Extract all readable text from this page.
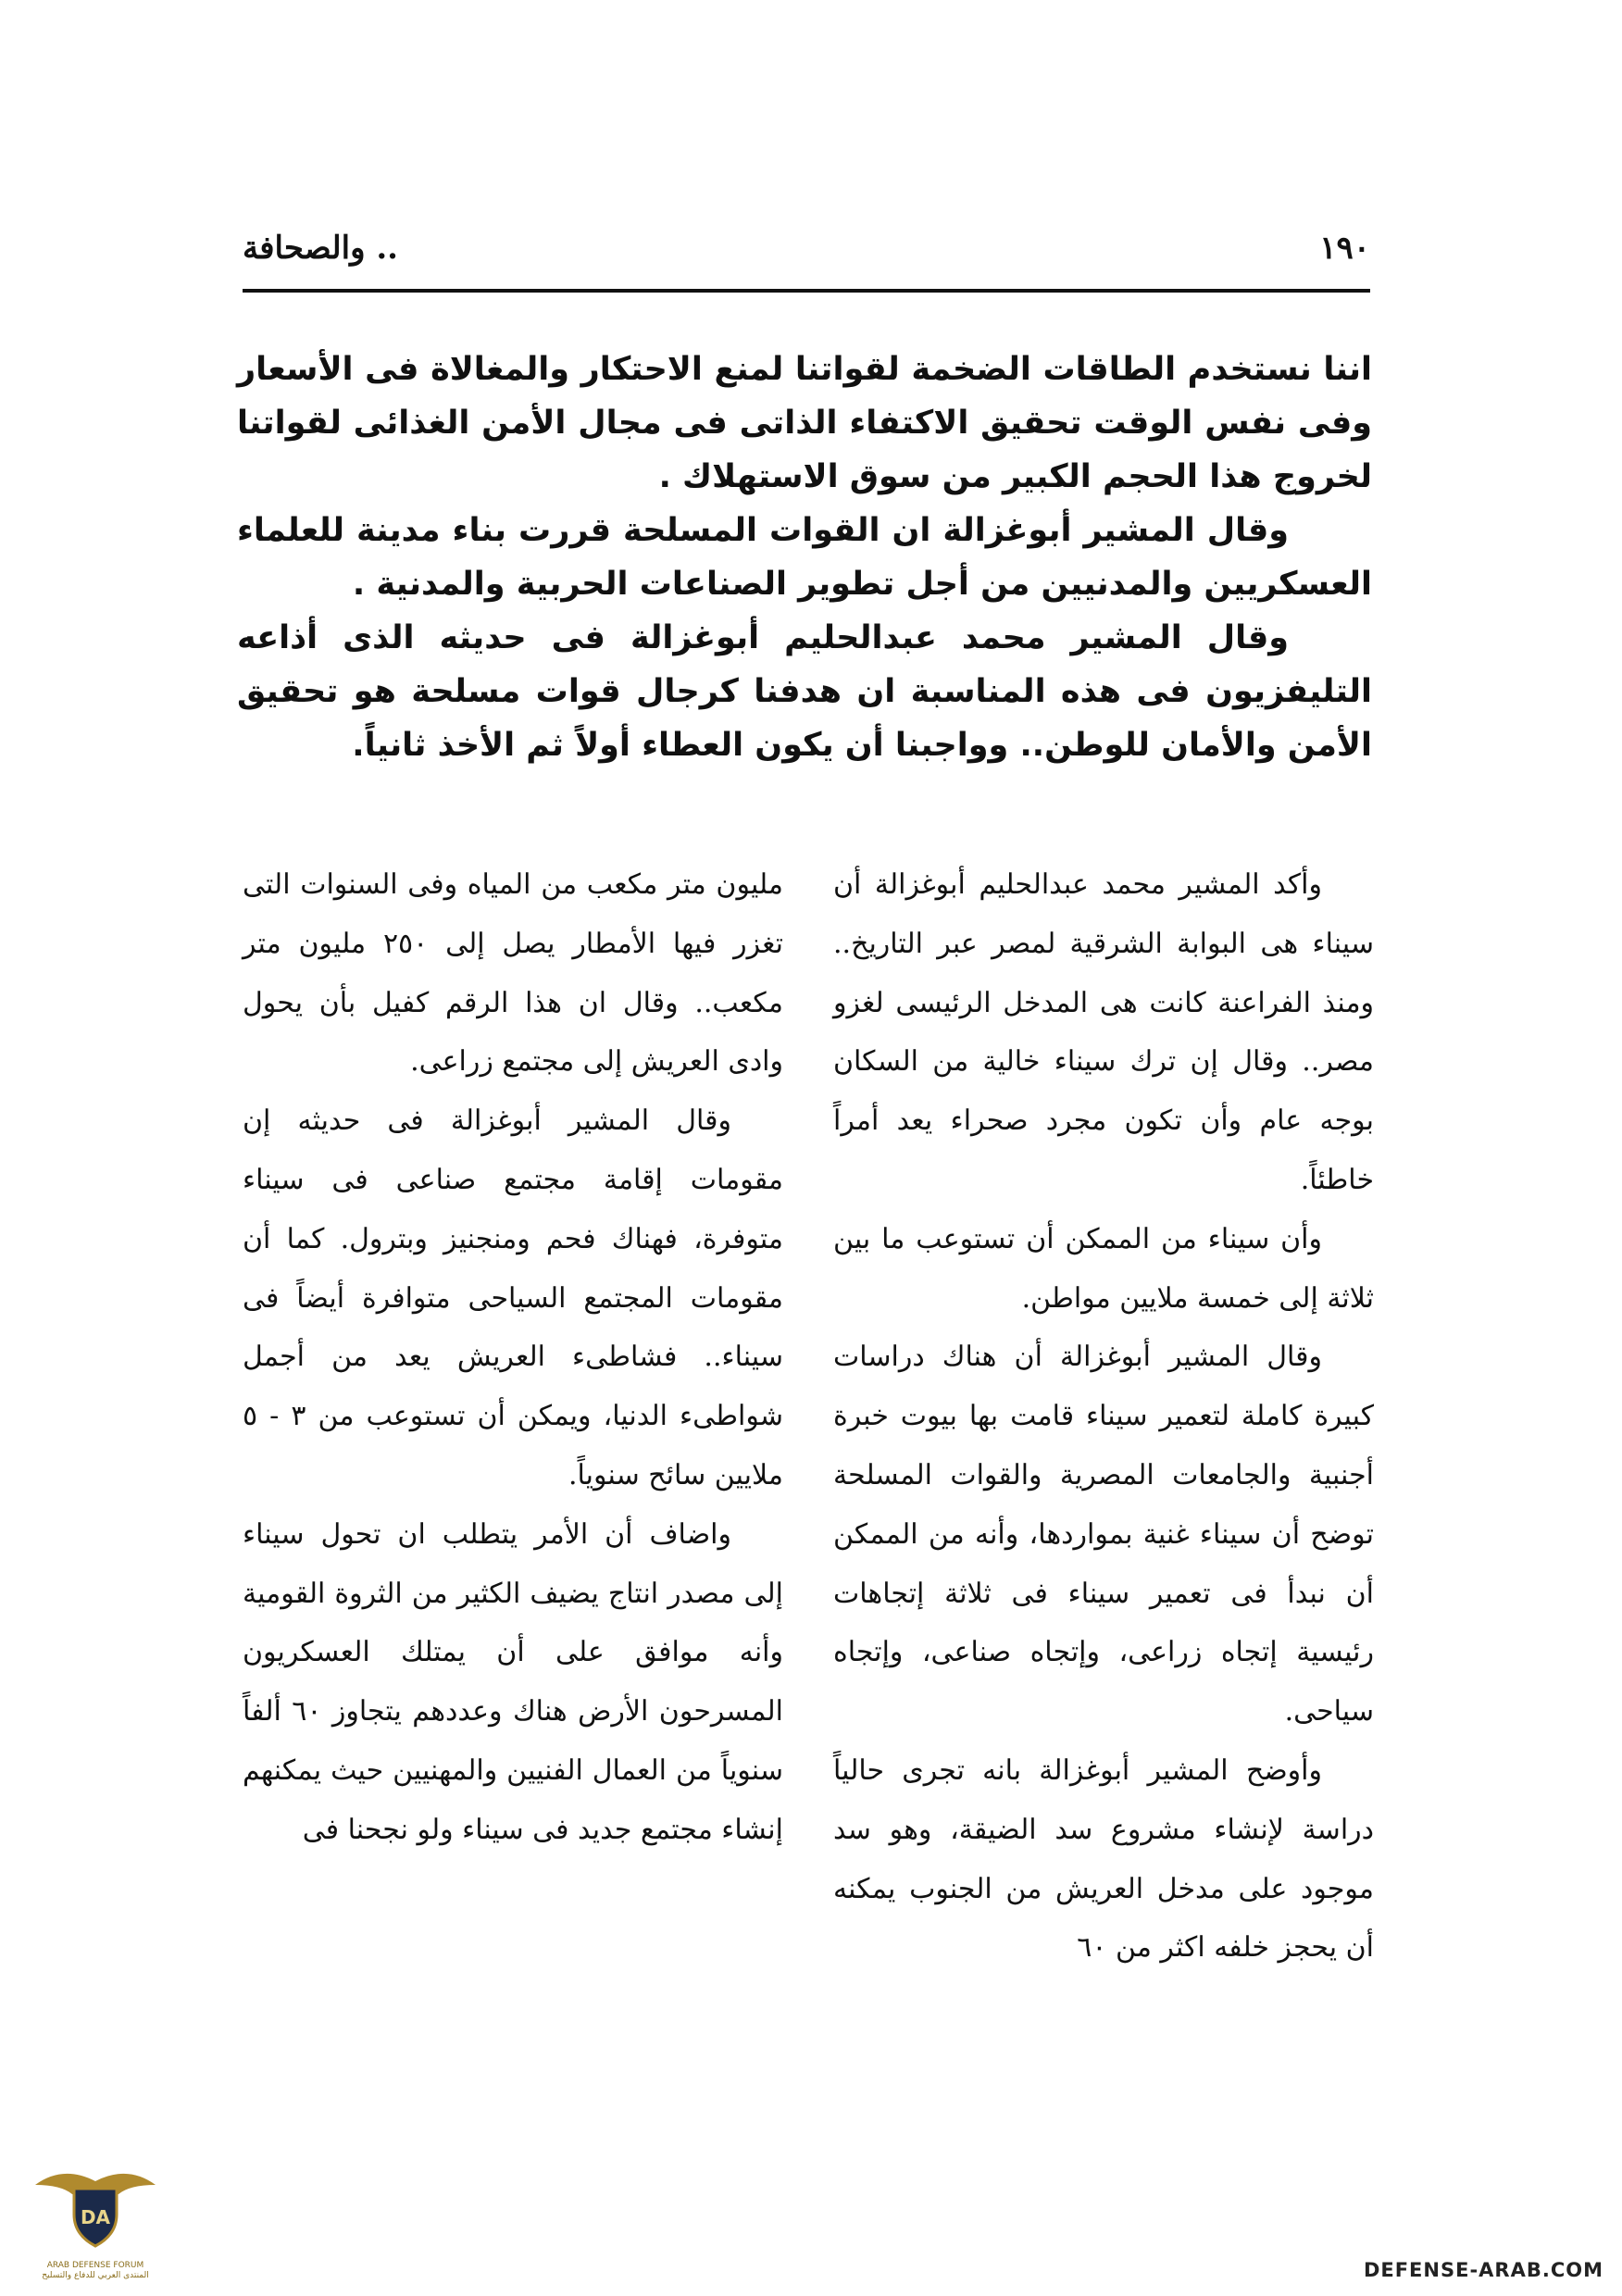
١٩٠
.. والصحافة

اننا نستخدم الطاقات الضخمة لقواتنا لمنع الاحتكار والمغالاة فى الأسعار وفى نفس الوقت تحقيق الاكتفاء الذاتى فى مجال الأمن الغذائى لقواتنا لخروج هذا الحجم الكبير من سوق الاستهلاك .

وقال المشير أبوغزالة ان القوات المسلحة قررت بناء مدينة للعلماء العسكريين والمدنيين من أجل تطوير الصناعات الحربية والمدنية .

وقال المشير محمد عبدالحليم أبوغزالة فى حديثه الذى أذاعه التليفزيون فى هذه المناسبة ان هدفنا كرجال قوات مسلحة هو تحقيق الأمن والأمان للوطن.. وواجبنا أن يكون العطاء أولاً ثم الأخذ ثانياً.

وأكد المشير محمد عبدالحليم أبوغزالة أن سيناء هى البوابة الشرقية لمصر عبر التاريخ.. ومنذ الفراعنة كانت هى المدخل الرئيسى لغزو مصر.. وقال إن ترك سيناء خالية من السكان بوجه عام وأن تكون مجرد صحراء يعد أمراً خاطئاً.

وأن سيناء من الممكن أن تستوعب ما بين ثلاثة إلى خمسة ملايين مواطن.

وقال المشير أبوغزالة أن هناك دراسات كبيرة كاملة لتعمير سيناء قامت بها بيوت خبرة أجنبية والجامعات المصرية والقوات المسلحة توضح أن سيناء غنية بمواردها، وأنه من الممكن أن نبدأ فى تعمير سيناء فى ثلاثة إتجاهات رئيسية إتجاه زراعى، وإتجاه صناعى، وإتجاه سياحى.

وأوضح المشير أبوغزالة بانه تجرى حالياً دراسة لإنشاء مشروع سد الضيقة، وهو سد موجود على مدخل العريش من الجنوب يمكنه أن يحجز خلفه اكثر من ٦٠

مليون متر مكعب من المياه وفى السنوات التى تغزر فيها الأمطار يصل إلى ٢٥٠ مليون متر مكعب.. وقال ان هذا الرقم كفيل بأن يحول وادى العريش إلى مجتمع زراعى.

وقال المشير أبوغزالة فى حديثه إن مقومات إقامة مجتمع صناعى فى سيناء متوفرة، فهناك فحم ومنجنيز وبترول. كما أن مقومات المجتمع السياحى متوافرة أيضاً فى سيناء.. فشاطىء العريش يعد من أجمل شواطىء الدنيا، ويمكن أن تستوعب من ٣ - ٥ ملايين سائح سنوياً.

واضاف أن الأمر يتطلب ان تحول سيناء إلى مصدر انتاج يضيف الكثير من الثروة القومية وأنه موافق على أن يمتلك العسكريون المسرحون الأرض هناك وعددهم يتجاوز ٦٠ ألفاً سنوياً من العمال الفنيين والمهنيين حيث يمكنهم إنشاء مجتمع جديد فى سيناء ولو نجحنا فى

DA
ARAB DEFENSE FORUM
المنتدى العربي للدفاع والتسليح	DEFENSE-ARAB.COM
